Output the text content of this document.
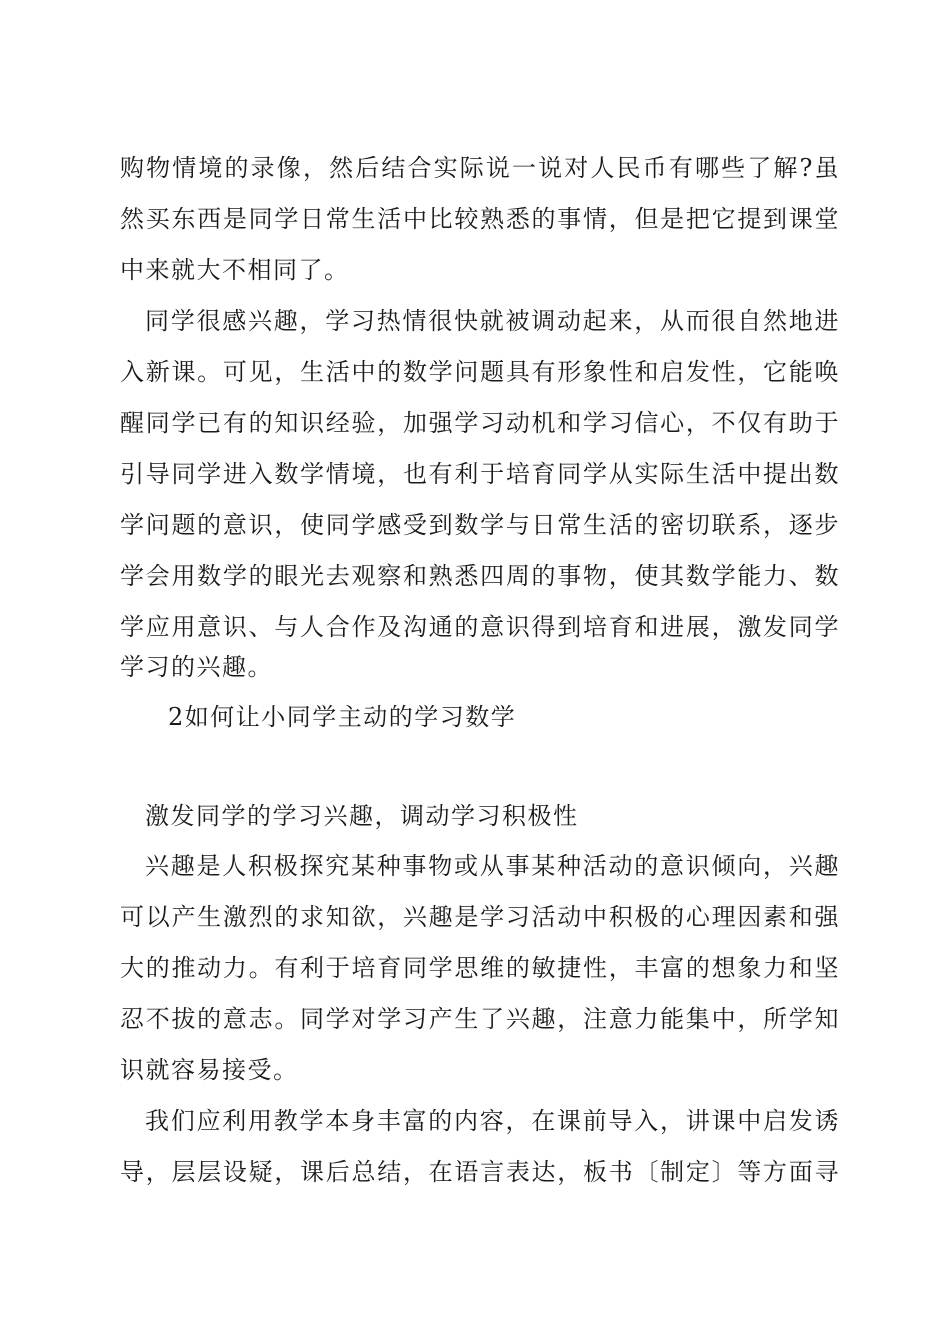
购物情境的录像，然后结合实际说一说对人民币有哪些了解?虽
然买东西是同学日常生活中比较熟悉的事情，但是把它提到课堂
中来就大不相同了。
同学很感兴趣，学习热情很快就被调动起来，从而很自然地进
入新课。可见，生活中的数学问题具有形象性和启发性，它能唤
醒同学已有的知识经验，加强学习动机和学习信心，不仅有助于
引导同学进入数学情境，也有利于培育同学从实际生活中提出数
学问题的意识，使同学感受到数学与日常生活的密切联系，逐步
学会用数学的眼光去观察和熟悉四周的事物，使其数学能力、数
学应用意识、与人合作及沟通的意识得到培育和进展，激发同学
学习的兴趣。
2如何让小同学主动的学习数学
激发同学的学习兴趣，调动学习积极性
兴趣是人积极探究某种事物或从事某种活动的意识倾向，兴趣
可以产生激烈的求知欲，兴趣是学习活动中积极的心理因素和强
大的推动力。有利于培育同学思维的敏捷性，丰富的想象力和坚
忍不拔的意志。同学对学习产生了兴趣，注意力能集中，所学知
识就容易接受。
我们应利用教学本身丰富的内容，在课前导入，讲课中启发诱
导，层层设疑，课后总结，在语言表达，板书〔制定〕等方面寻
